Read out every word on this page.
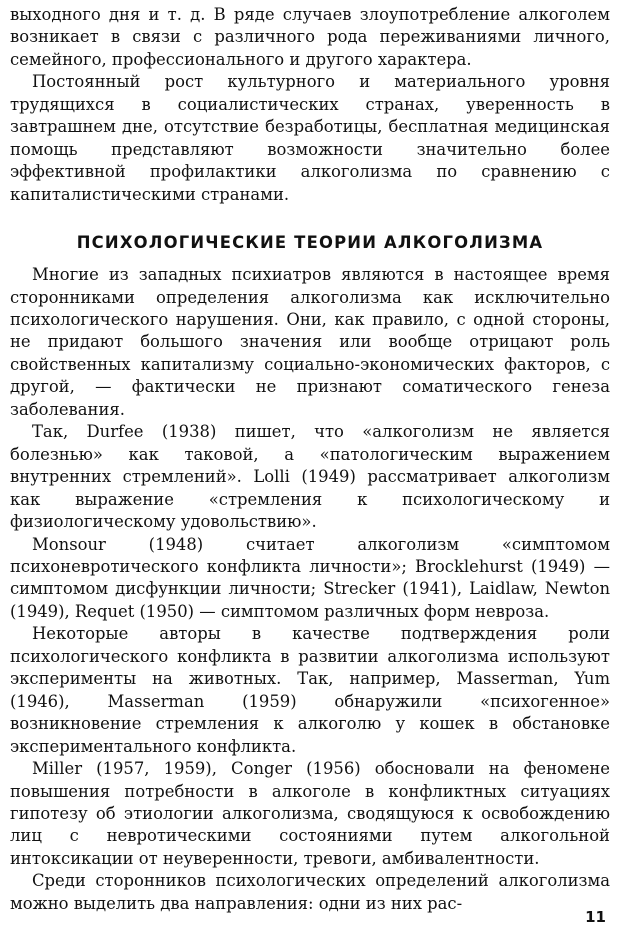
выходного дня и т. д. В ряде случаев злоупотребление алкоголем возникает в связи с различного рода переживаниями личного, семейного, профессионального и другого характера.

Постоянный рост культурного и материального уровня трудящихся в социалистических странах, уверенность в завтрашнем дне, отсутствие безработицы, бесплатная медицинская помощь представляют возможности значительно более эффективной профилактики алкоголизма по сравнению с капиталистическими странами.

ПСИХОЛОГИЧЕСКИЕ ТЕОРИИ АЛКОГОЛИЗМА

Многие из западных психиатров являются в настоящее время сторонниками определения алкоголизма как исключительно психологического нарушения. Они, как правило, с одной стороны, не придают большого значения или вообще отрицают роль свойственных капитализму социально-экономических факторов, с другой, — фактически не признают соматического генеза заболевания.

Так, Durfee (1938) пишет, что «алкоголизм не является болезнью» как таковой, а «патологическим выражением внутренних стремлений». Lolli (1949) рассматривает алкоголизм как выражение «стремления к психологическому и физиологическому удовольствию».

Monsour (1948) считает алкоголизм «симптомом психоневротического конфликта личности»; Brocklehurst (1949) —симптомом дисфункции личности; Strecker (1941), Laidlaw, Newton (1949), Requet (1950) — симптомом различных форм невроза.

Некоторые авторы в качестве подтверждения роли психологического конфликта в развитии алкоголизма используют эксперименты на животных. Так, например, Masserman, Yum (1946), Masserman (1959) обнаружили «психогенное» возникновение стремления к алкоголю у кошек в обстановке экспериментального конфликта.

Miller (1957, 1959), Conger (1956) обосновали на феномене повышения потребности в алкоголе в конфликтных ситуациях гипотезу об этиологии алкоголизма, сводящуюся к освобождению лиц с невротическими состояниями путем алкогольной интоксикации от неуверенности, тревоги, амбивалентности.

Среди сторонников психологических определений алкоголизма можно выделить два направления: одни из них рас-

11
